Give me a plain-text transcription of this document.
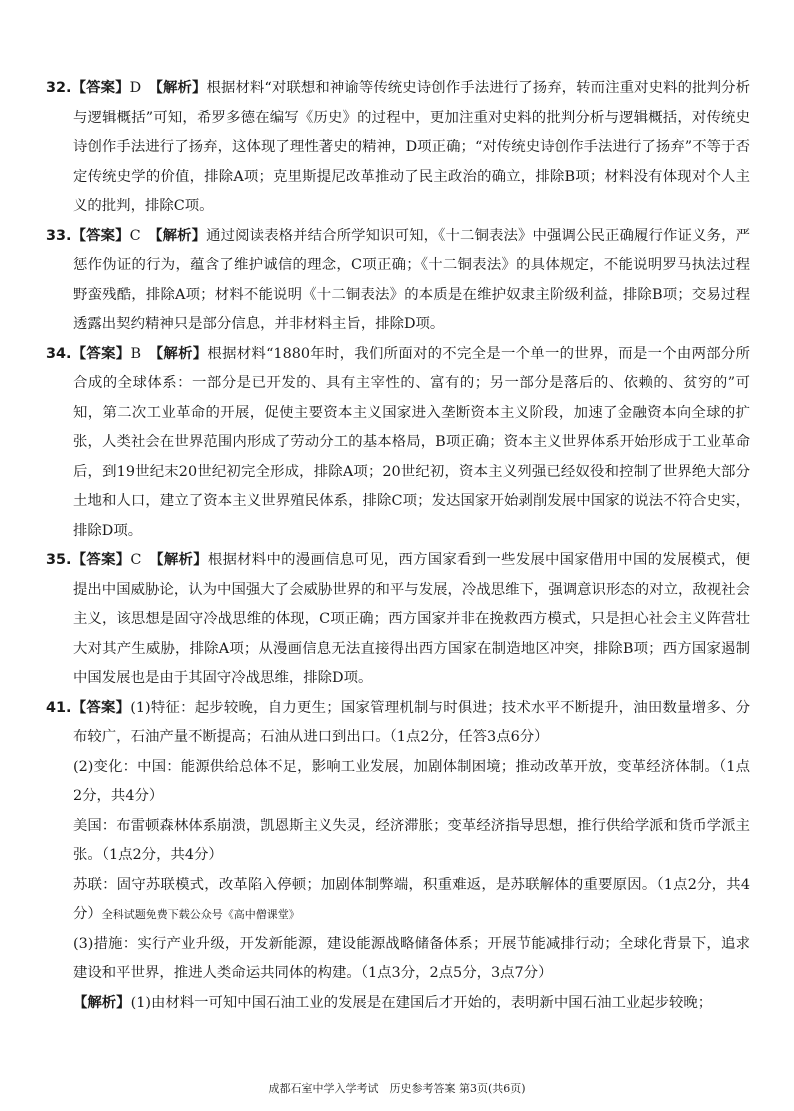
32.【答案】D　 【解析】根据材料“对联想和神谕等传统史诗创作手法进行了扬弃，转而注重对史料的批判分析与逻辑概括”可知，希罗多德在编写《历史》的过程中，更加注重对史料的批判分析与逻辑概括，对传统史诗创作手法进行了扬弃，这体现了理性著史的精神，D项正确；“对传统史诗创作手法进行了扬弃”不等于否定传统史学的价值，排除A项；克里斯提尼改革推动了民主政治的确立，排除B项；材料没有体现对个人主义的批判，排除C项。

33.【答案】C　 【解析】通过阅读表格并结合所学知识可知，《十二铜表法》中强调公民正确履行作证义务，严惩作伪证的行为，蕴含了维护诚信的理念，C项正确；《十二铜表法》的具体规定，不能说明罗马执法过程野蛮残酷，排除A项；材料不能说明《十二铜表法》的本质是在维护奴隶主阶级利益，排除B项；交易过程透露出契约精神只是部分信息，并非材料主旨，排除D项。

34.【答案】B　 【解析】根据材料“1880年时，我们所面对的不完全是一个单一的世界，而是一个由两部分所合成的全球体系：一部分是已开发的、具有主宰性的、富有的；另一部分是落后的、依赖的、贫穷的”可知，第二次工业革命的开展，促使主要资本主义国家进入垄断资本主义阶段，加速了金融资本向全球的扩张，人类社会在世界范围内形成了劳动分工的基本格局，B项正确；资本主义世界体系开始形成于工业革命后，到19世纪末20世纪初完全形成，排除A项；20世纪初，资本主义列强已经奴役和控制了世界绝大部分土地和人口，建立了资本主义世界殖民体系，排除C项；发达国家开始剥削发展中国家的说法不符合史实，排除D项。

35.【答案】C　 【解析】根据材料中的漫画信息可见，西方国家看到一些发展中国家借用中国的发展模式，便提出中国威胁论，认为中国强大了会威胁世界的和平与发展，冷战思维下，强调意识形态的对立，敌视社会主义，该思想是固守冷战思维的体现，C项正确；西方国家并非在挽救西方模式，只是担心社会主义阵营壮大对其产生威胁，排除A项；从漫画信息无法直接得出西方国家在制造地区冲突，排除B项；西方国家遏制中国发展也是由于其固守冷战思维，排除D项。

41.【答案】(1)特征：起步较晚，自力更生；国家管理机制与时俱进；技术水平不断提升，油田数量增多、分布较广，石油产量不断提高；石油从进口到出口。（1点2分，任答3点6分）

(2)变化：中国：能源供给总体不足，影响工业发展，加剧体制困境；推动改革开放，变革经济体制。（1点2分，共4分）

美国：布雷顿森林体系崩溃，凯恩斯主义失灵，经济滞胀；变革经济指导思想，推行供给学派和货币学派主张。（1点2分，共4分）

苏联：固守苏联模式，改革陷入停顿；加剧体制弊端，积重难返，是苏联解体的重要原因。（1点2分，共4分）全科试题免费下载公众号《高中僧课堂》

(3)措施：实行产业升级，开发新能源，建设能源战略储备体系；开展节能减排行动；全球化背景下，追求建设和平世界，推进人类命运共同体的构建。（1点3分，2点5分，3点7分）

【解析】(1)由材料一可知中国石油工业的发展是在建国后才开始的，表明新中国石油工业起步较晚；

成都石室中学入学考试　历史参考答案 第3页(共6页)
